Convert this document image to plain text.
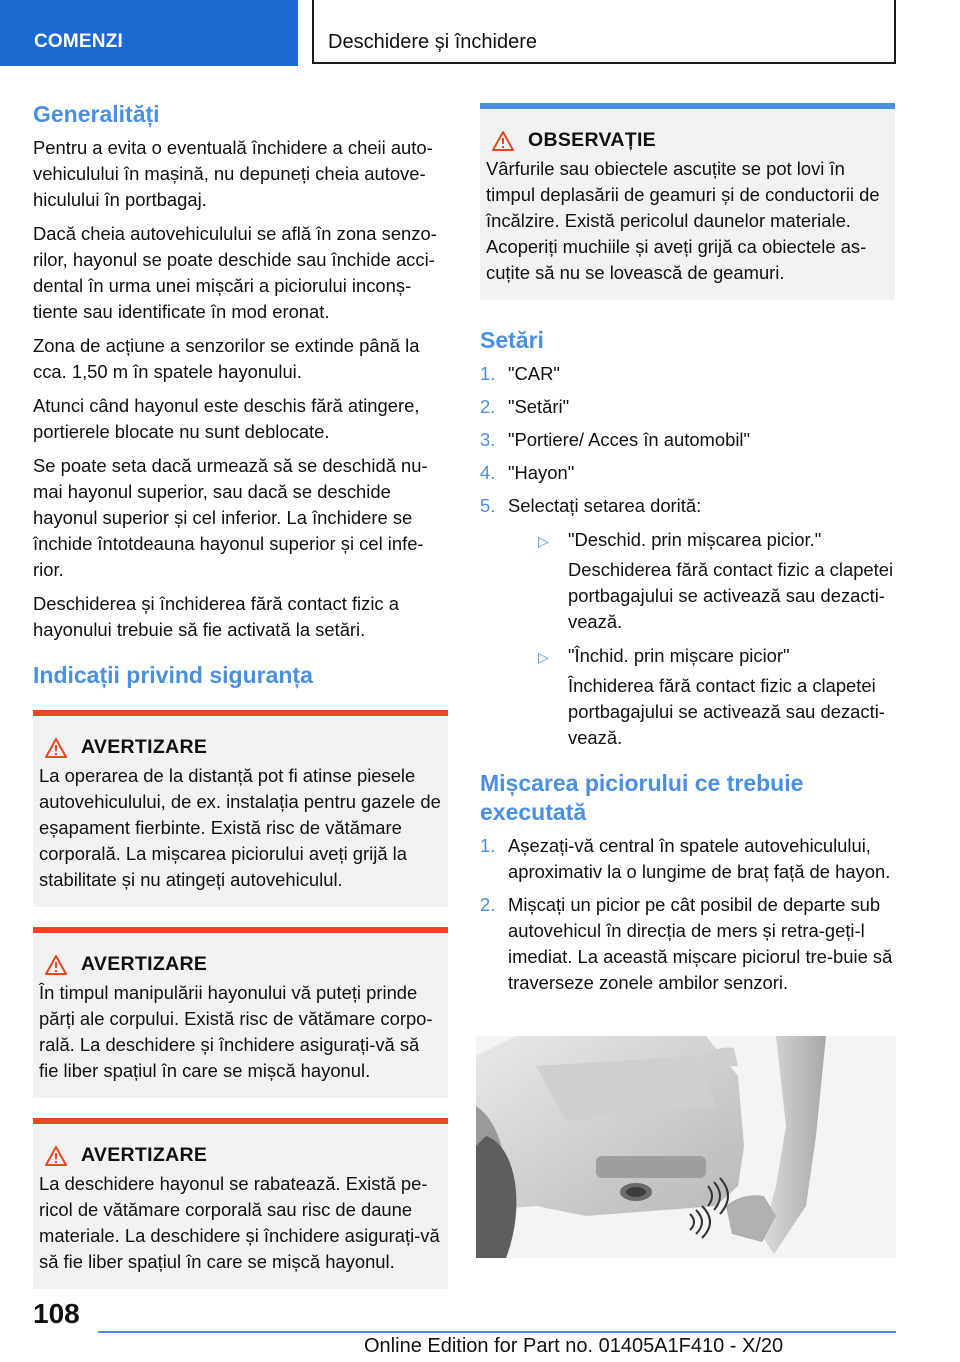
COMENZI	Deschidere și închidere
Generalități

Pentru a evita o eventuală închidere a cheii auto-vehiculului în mașină, nu depuneți cheia autove-hiculului în portbagaj.

Dacă cheia autovehiculului se află în zona senzo-rilor, hayonul se poate deschide sau închide acci-dental în urma unei mișcări a piciorului inconș-tiente sau identificate în mod eronat.

Zona de acțiune a senzorilor se extinde până la cca. 1,50 m în spatele hayonului.

Atunci când hayonul este deschis fără atingere, portierele blocate nu sunt deblocate.

Se poate seta dacă urmează să se deschidă nu-mai hayonul superior, sau dacă se deschide hayonul superior și cel inferior. La închidere se închide întotdeauna hayonul superior și cel infe-rior.

Deschiderea și închiderea fără contact fizic a hayonului trebuie să fie activată la setări.

Indicații privind siguranța
AVERTIZARE

La operarea de la distanță pot fi atinse piesele autovehiculului, de ex. instalația pentru gazele de eșapament fierbinte. Există risc de vătămare corporală. La mișcarea piciorului aveți grijă la stabilitate și nu atingeți autovehiculul.

AVERTIZARE

În timpul manipulării hayonului vă puteți prinde părți ale corpului. Există risc de vătămare corpo-rală. La deschidere și închidere asigurați-vă să fie liber spațiul în care se mișcă hayonul.

AVERTIZARE

La deschidere hayonul se rabatează. Există pe-ricol de vătămare corporală sau risc de daune materiale. La deschidere și închidere asigurați-vă să fie liber spațiul în care se mișcă hayonul.

OBSERVAȚIE

Vârfurile sau obiectele ascuțite se pot lovi în timpul deplasării de geamuri și de conductorii de încălzire. Există pericolul daunelor materiale. Acoperiți muchiile și aveți grijă ca obiectele as-cuțite să nu se lovească de geamuri.

Setări
1. "CAR"
2. "Setări"
3. "Portiere/ Acces în automobil"
4. "Hayon"
5. Selectați setarea dorită:
▷ "Deschid. prin mișcarea picior."
Deschiderea fără contact fizic a clapetei portbagajului se activează sau dezacti-vează.
▷ "Închid. prin mișcare picior"
Închiderea fără contact fizic a clapetei portbagajului se activează sau dezacti-vează.
Mișcarea piciorului ce trebuie executată
1. Așezați-vă central în spatele autovehiculului, aproximativ la o lungime de braț față de hayon.
2. Mișcați un picior pe cât posibil de departe sub autovehicul în direcția de mers și retra-geți-l imediat. La această mișcare piciorul tre-buie să traverseze zonele ambilor senzori.
108
Online Edition for Part no. 01405A1F410 - X/20
